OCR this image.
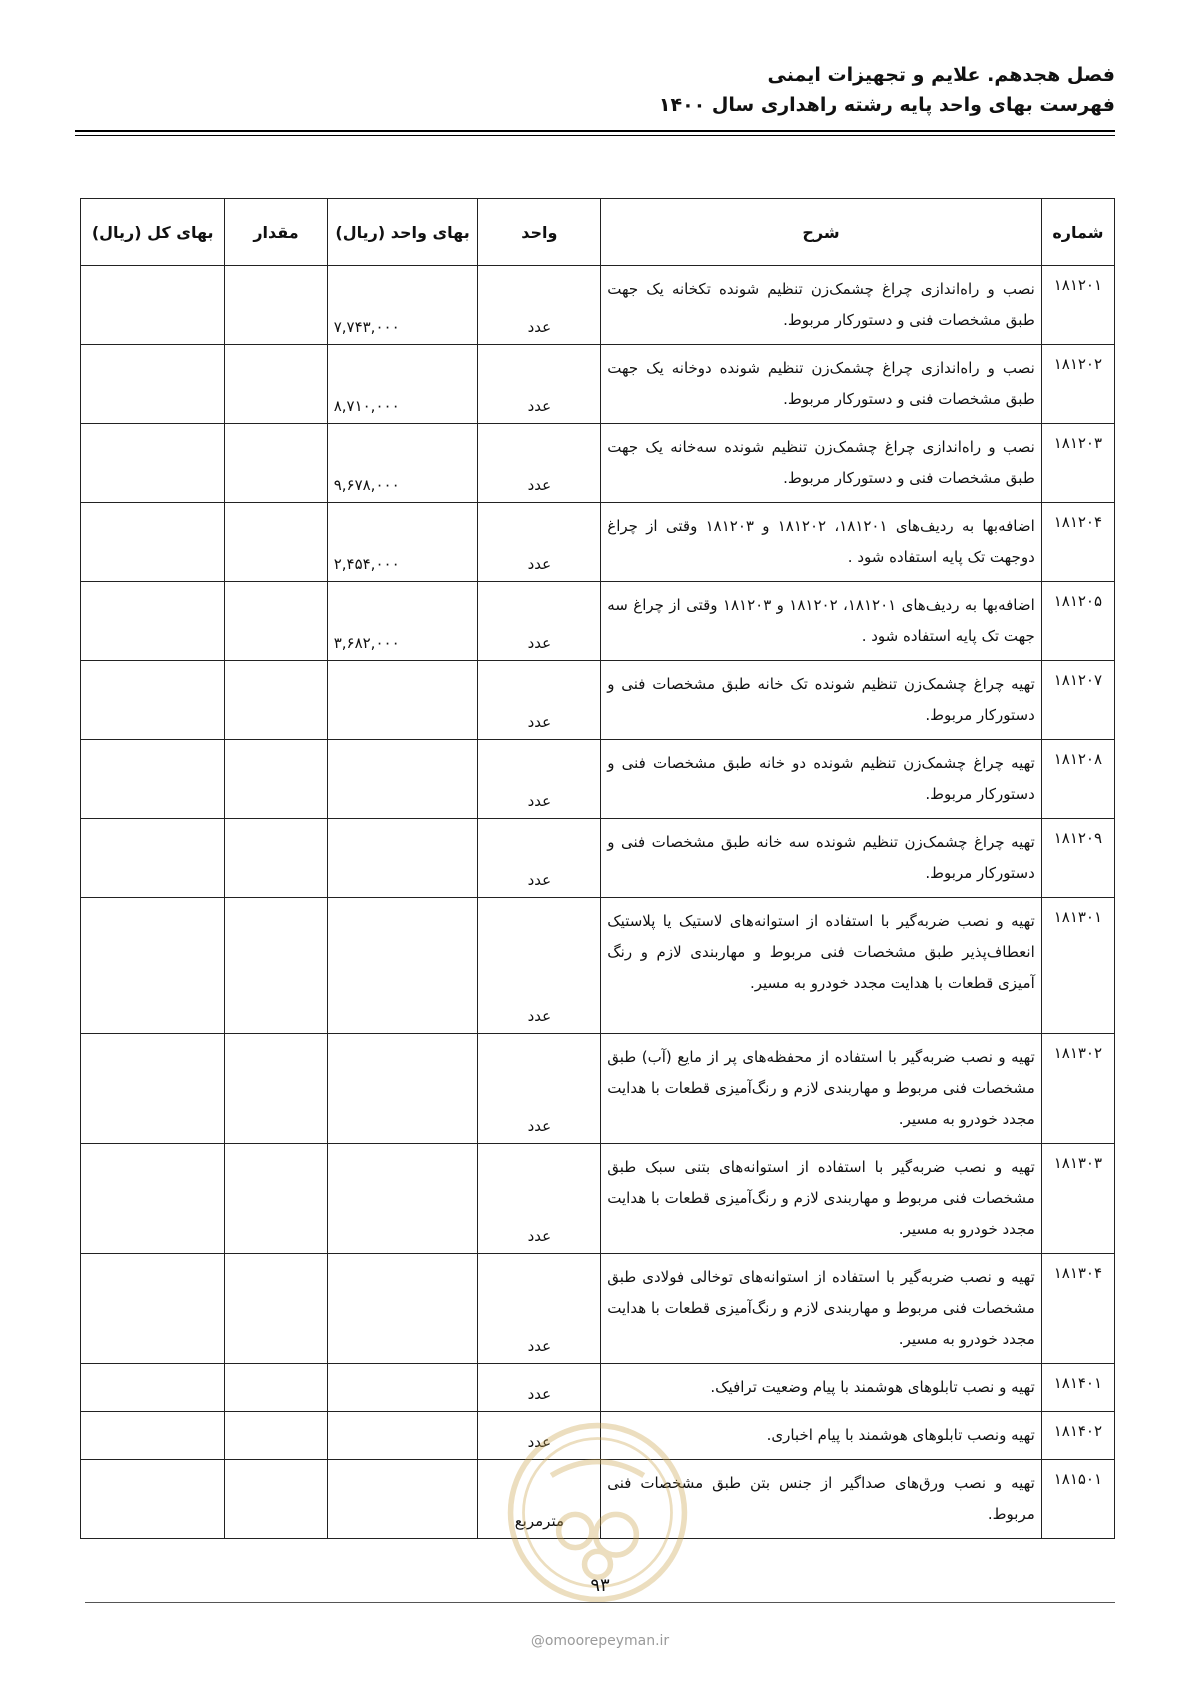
فصل هجدهم. علایم و تجهیزات ایمنی
فهرست بهای واحد پایه رشته راهداری سال ۱۴۰۰
شماره	شرح	واحد	بهای واحد (ریال)	مقدار	بهای کل (ریال)
۱۸۱۲۰۱	نصب و راه‌اندازی چراغ چشمک‌زن تنظیم شونده تکخانه یک جهت طبق مشخصات فنی و دستورکار مربوط.	عدد	۷,۷۴۳,۰۰۰		
۱۸۱۲۰۲	نصب و راه‌اندازی چراغ چشمک‌زن تنظیم شونده دوخانه یک جهت طبق مشخصات فنی و دستورکار مربوط.	عدد	۸,۷۱۰,۰۰۰		
۱۸۱۲۰۳	نصب و راه‌اندازی چراغ چشمک‌زن تنظیم شونده سه‌خانه یک جهت طبق مشخصات فنی و دستورکار مربوط.	عدد	۹,۶۷۸,۰۰۰		
۱۸۱۲۰۴	اضافه‌بها به ردیف‌های ۱۸۱۲۰۱، ۱۸۱۲۰۲ و ۱۸۱۲۰۳ وقتی از چراغ دوجهت تک پایه استفاده شود .	عدد	۲,۴۵۴,۰۰۰		
۱۸۱۲۰۵	اضافه‌بها به ردیف‌های ۱۸۱۲۰۱، ۱۸۱۲۰۲ و ۱۸۱۲۰۳ وقتی از چراغ سه جهت تک پایه استفاده شود .	عدد	۳,۶۸۲,۰۰۰		
۱۸۱۲۰۷	تهیه چراغ چشمک‌زن تنظیم شونده تک خانه طبق مشخصات فنی و دستورکار مربوط.	عدد			
۱۸۱۲۰۸	تهیه چراغ چشمک‌زن تنظیم شونده دو خانه طبق مشخصات فنی و دستورکار مربوط.	عدد			
۱۸۱۲۰۹	تهیه چراغ چشمک‌زن تنظیم شونده سه خانه طبق مشخصات فنی و دستورکار مربوط.	عدد			
۱۸۱۳۰۱	تهیه و نصب ضربه‌گیر با استفاده از استوانه‌های لاستیک یا پلاستیک انعطاف‌پذیر طبق مشخصات فنی مربوط و مهاربندی لازم و رنگ آمیزی قطعات با هدایت مجدد خودرو به مسیر.	عدد			
۱۸۱۳۰۲	تهیه و نصب ضربه‌گیر با استفاده از محفظه‌های پر از مایع (آب) طبق مشخصات فنی مربوط و مهاربندی لازم و رنگ‌آمیزی قطعات با هدایت مجدد خودرو به مسیر.	عدد			
۱۸۱۳۰۳	تهیه و نصب ضربه‌گیر با استفاده از استوانه‌های بتنی سبک طبق مشخصات فنی مربوط و مهاربندی لازم و رنگ‌آمیزی قطعات با هدایت مجدد خودرو به مسیر.	عدد			
۱۸۱۳۰۴	تهیه و نصب ضربه‌گیر با استفاده از استوانه‌های توخالی فولادی طبق مشخصات فنی مربوط و مهاربندی لازم و رنگ‌آمیزی قطعات با هدایت مجدد خودرو به مسیر.	عدد			
۱۸۱۴۰۱	تهیه و نصب تابلوهای هوشمند با پیام وضعیت ترافیک.	عدد			
۱۸۱۴۰۲	تهیه ونصب تابلوهای هوشمند با پیام اخباری.	عدد			
۱۸۱۵۰۱	تهیه و نصب ورق‌های صداگیر از جنس بتن طبق مشخصات فنی مربوط.	مترمربع			
۹۳
@omoorepeyman.ir
